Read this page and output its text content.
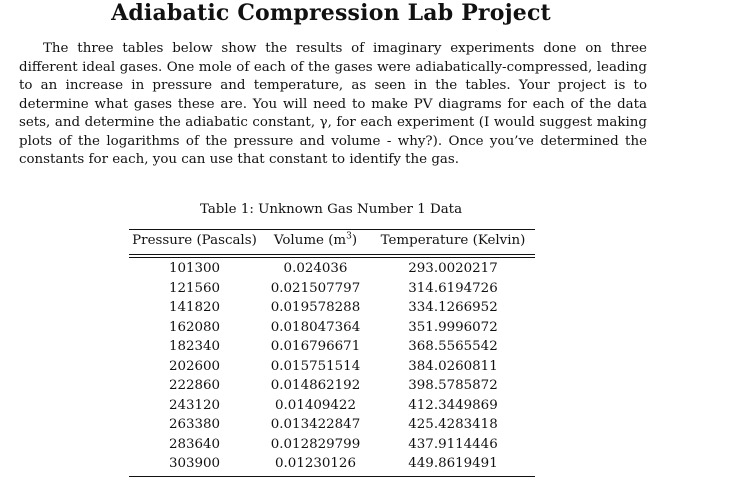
Adiabatic Compression Lab Project

The three tables below show the results of imaginary experiments done on three different ideal gases. One mole of each of the gases were adiabatically-compressed, leading to an increase in pressure and temperature, as seen in the tables. Your project is to determine what gases these are. You will need to make PV diagrams for each of the data sets, and determine the adiabatic constant, γ, for each experiment (I would suggest making plots of the logarithms of the pressure and volume - why?). Once you’ve determined the constants for each, you can use that constant to identify the gas.

Table 1: Unknown Gas Number 1 Data
Pressure (Pascals)	Volume $(m^3)$	Temperature (Kelvin)
101300	0.024036	293.0020217
121560	0.021507797	314.6194726
141820	0.019578288	334.1266952
162080	0.018047364	351.9996072
182340	0.016796671	368.5565542
202600	0.015751514	384.0260811
222860	0.014862192	398.5785872
243120	0.01409422	412.3449869
263380	0.013422847	425.4283418
283640	0.012829799	437.9114446
303900	0.01230126	449.8619491
